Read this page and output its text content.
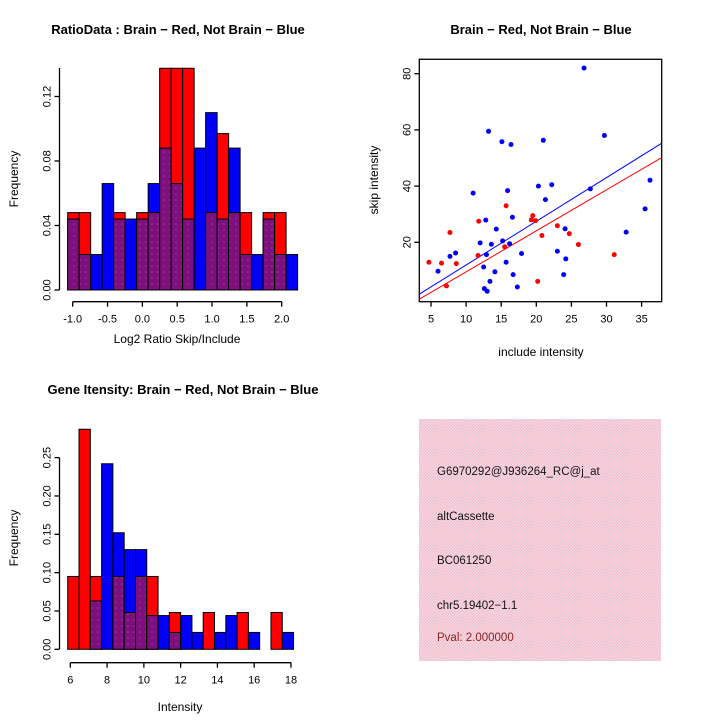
0.00
0.04
0.08
0.12
-1.0 -0.5 0.0 0.5 1.0 1.5 2.0	5 10 15 20 25 30 35
20
40
60
80
0.00
0.05
0.10
0.15
0.20
0.25
6	8	10 12 14 16 18
RatioData : Brain − Red, Not Brain − Blue	Brain − Red, Not Brain − Blue
Gene Itensity: Brain − Red, Not Brain − Blue
Log2 Ratio Skip/Include
Frequency
include intensity
skip intensity
Intensity
Frequency
G6970292@J936264_RC@j_at
altCassette
BC061250
chr5.19402−1.1
Pval: 2.000000
